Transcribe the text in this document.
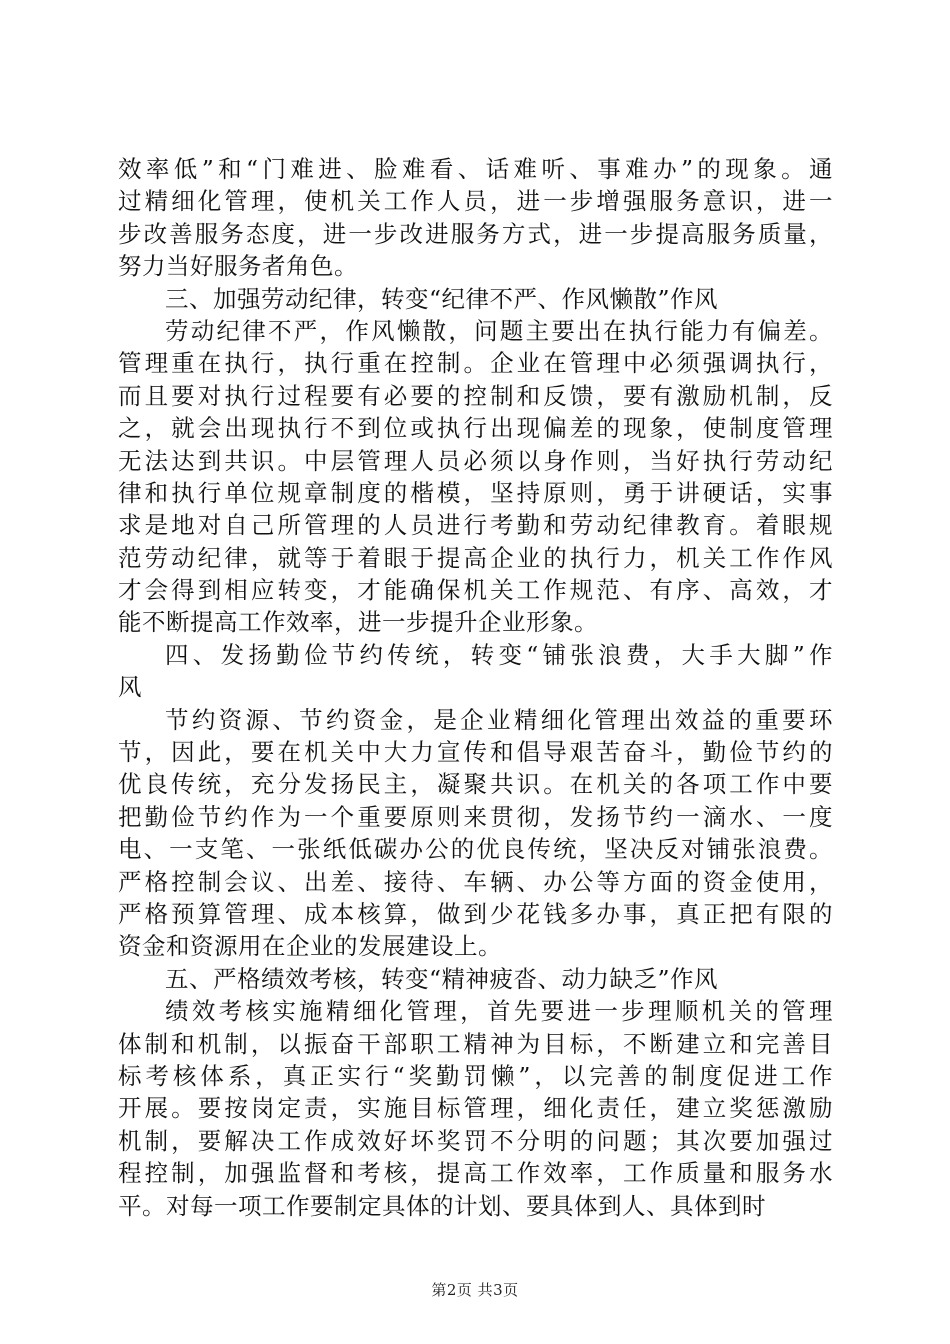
效率低”和“门难进、脸难看、话难听、事难办”的现象。通
过精细化管理，使机关工作人员，进一步增强服务意识，进一
步改善服务态度，进一步改进服务方式，进一步提高服务质量，
努力当好服务者角色。
三、加强劳动纪律，转变“纪律不严、作风懒散”作风
劳动纪律不严，作风懒散，问题主要出在执行能力有偏差。
管理重在执行，执行重在控制。企业在管理中必须强调执行，
而且要对执行过程要有必要的控制和反馈，要有激励机制，反
之，就会出现执行不到位或执行出现偏差的现象，使制度管理
无法达到共识。中层管理人员必须以身作则，当好执行劳动纪
律和执行单位规章制度的楷模，坚持原则，勇于讲硬话，实事
求是地对自己所管理的人员进行考勤和劳动纪律教育。着眼规
范劳动纪律，就等于着眼于提高企业的执行力，机关工作作风
才会得到相应转变，才能确保机关工作规范、有序、高效，才
能不断提高工作效率，进一步提升企业形象。
四、发扬勤俭节约传统，转变“铺张浪费，大手大脚”作
风
节约资源、节约资金，是企业精细化管理出效益的重要环
节，因此，要在机关中大力宣传和倡导艰苦奋斗，勤俭节约的
优良传统，充分发扬民主，凝聚共识。在机关的各项工作中要
把勤俭节约作为一个重要原则来贯彻，发扬节约一滴水、一度
电、一支笔、一张纸低碳办公的优良传统，坚决反对铺张浪费。
严格控制会议、出差、接待、车辆、办公等方面的资金使用，
严格预算管理、成本核算，做到少花钱多办事，真正把有限的
资金和资源用在企业的发展建设上。
五、严格绩效考核，转变“精神疲沓、动力缺乏”作风
绩效考核实施精细化管理，首先要进一步理顺机关的管理
体制和机制，以振奋干部职工精神为目标，不断建立和完善目
标考核体系，真正实行“奖勤罚懒”，以完善的制度促进工作
开展。要按岗定责，实施目标管理，细化责任，建立奖惩激励
机制，要解决工作成效好坏奖罚不分明的问题；其次要加强过
程控制，加强监督和考核，提高工作效率，工作质量和服务水
平。对每一项工作要制定具体的计划、要具体到人、具体到时
第2页 共3页
